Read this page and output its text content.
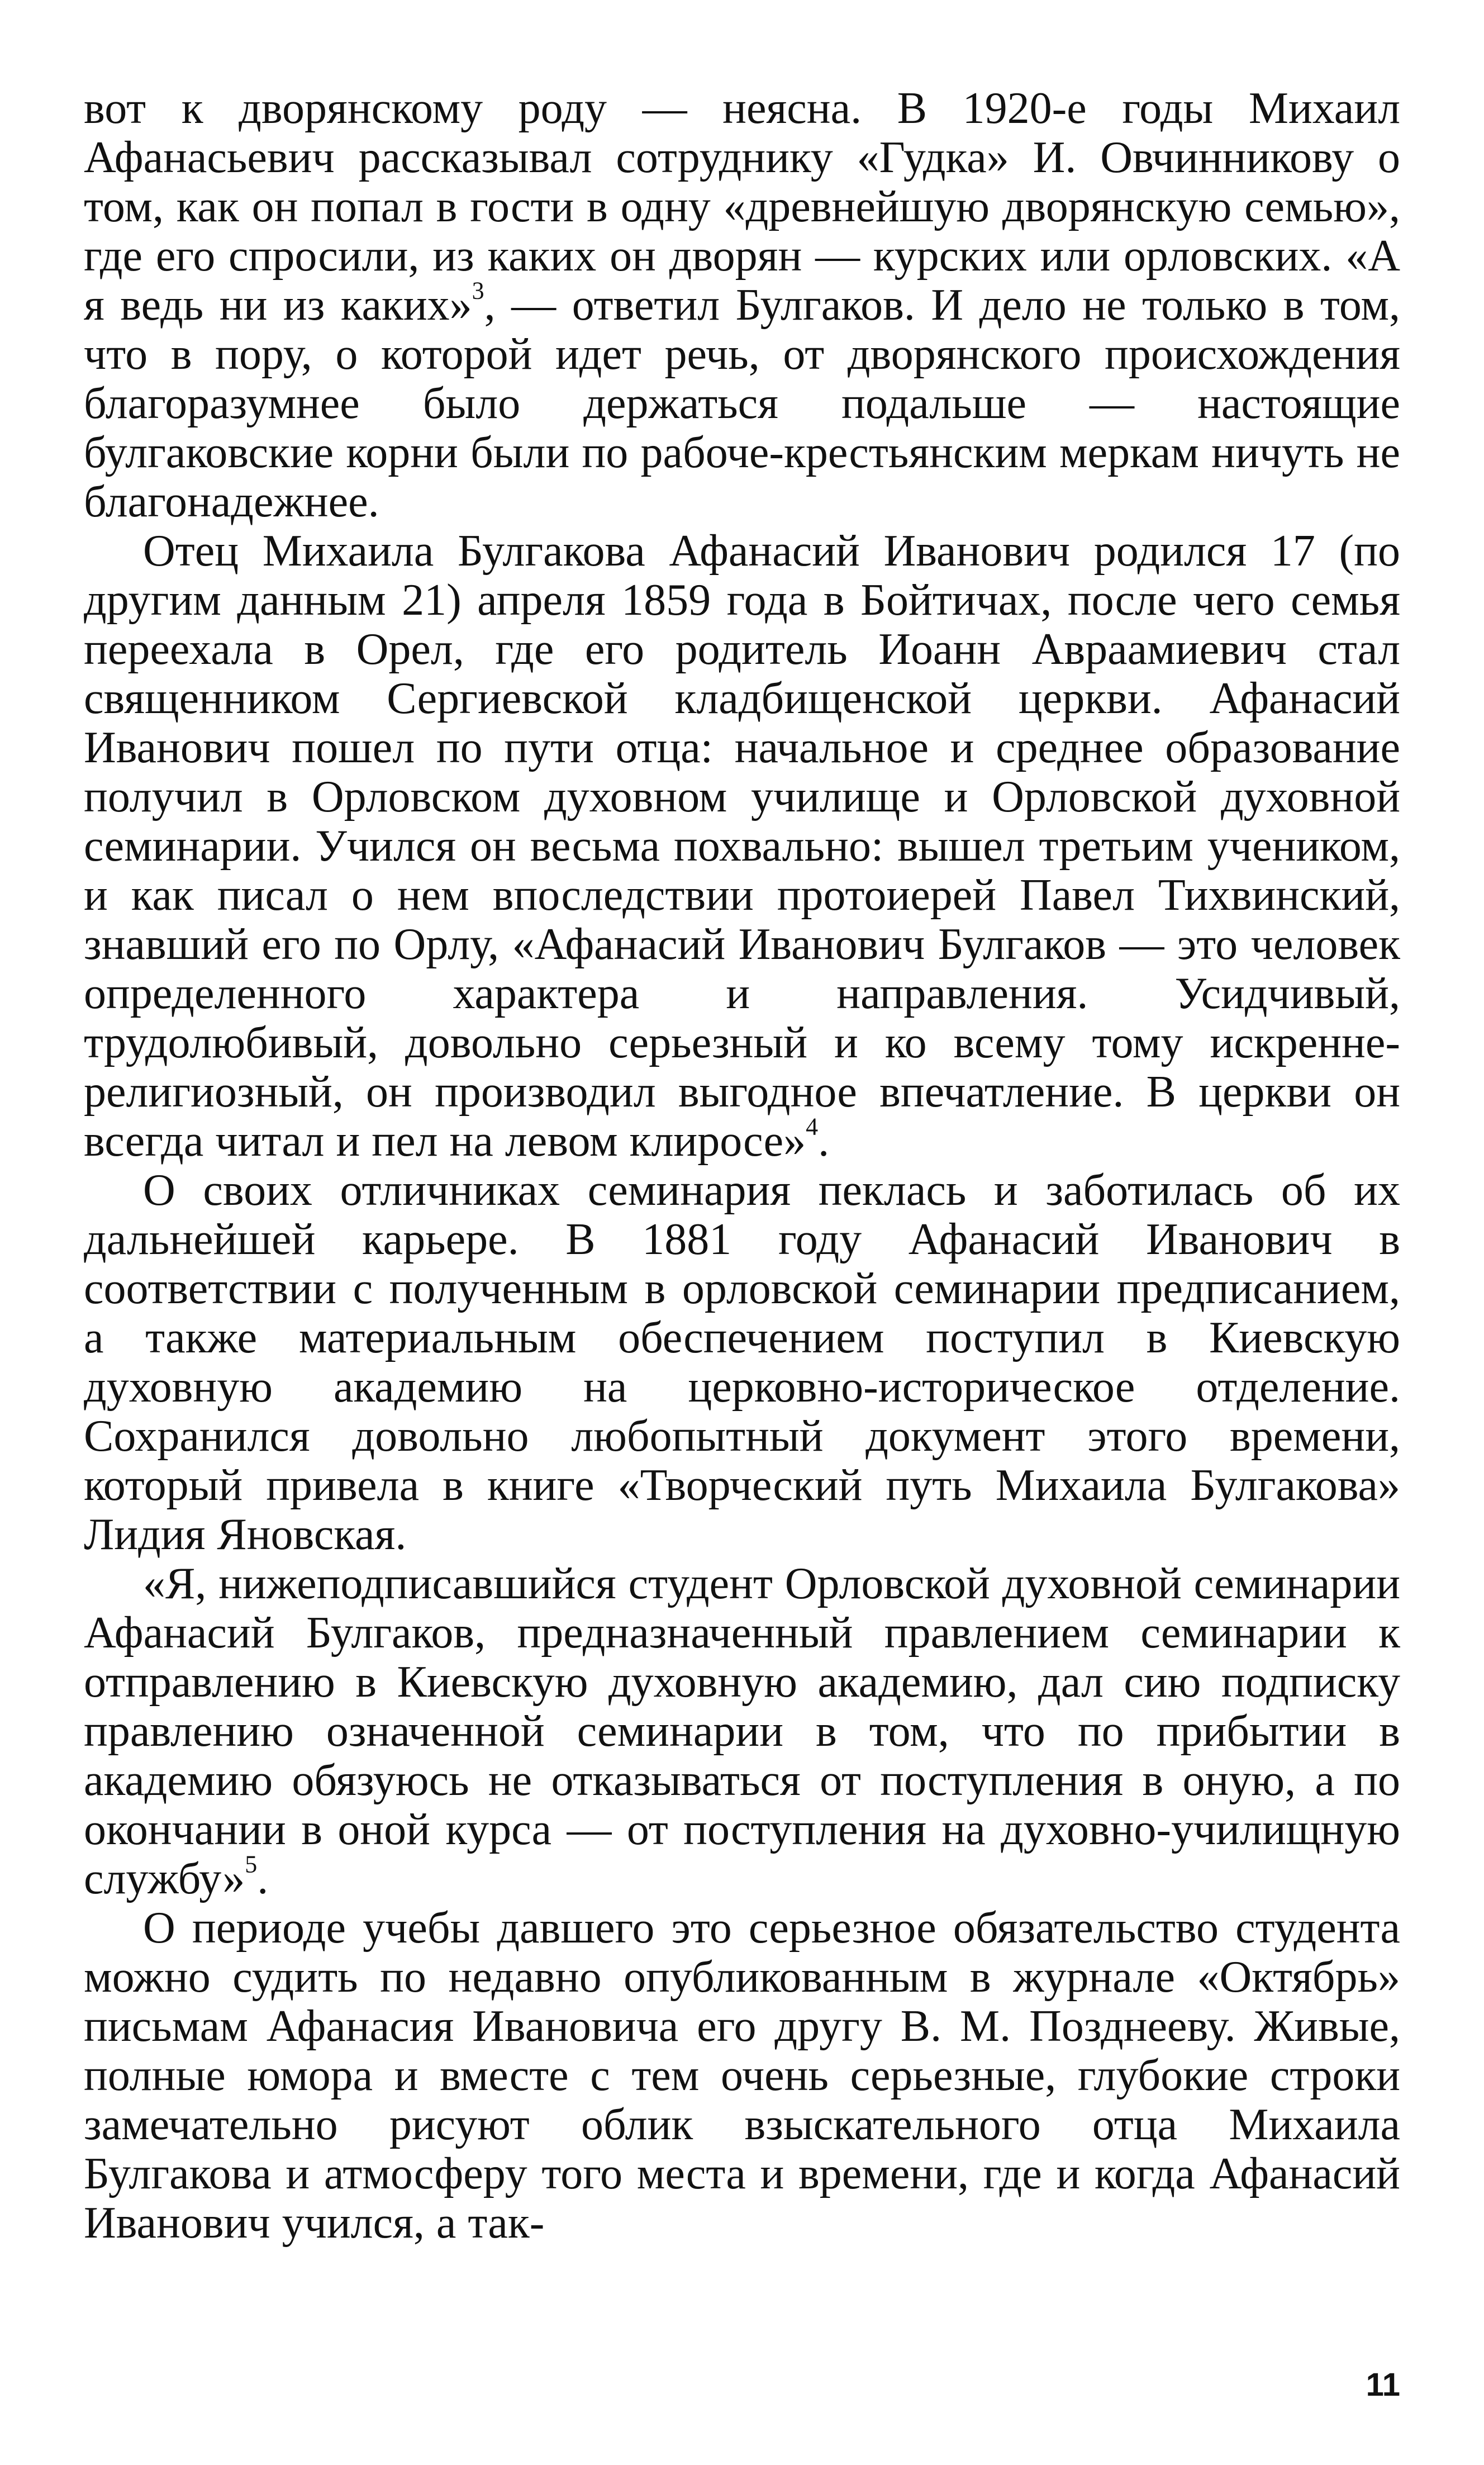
вот к дворянскому роду — неясна. В 1920-е годы Михаил Афанасьевич рассказывал сотруднику «Гудка» И. Овчинникову о том, как он попал в гости в одну «древнейшую дворянскую семью», где его спросили, из каких он дворян — курских или орловских. «А я ведь ни из каких»$^3$, — ответил Булгаков. И дело не только в том, что в пору, о которой идет речь, от дворянского происхождения благоразумнее было держаться подальше — настоящие булгаковские корни были по рабоче-крестьянским меркам ничуть не благонадежнее.

Отец Михаила Булгакова Афанасий Иванович родился 17 (по другим данным 21) апреля 1859 года в Бойтичах, после чего семья переехала в Орел, где его родитель Иоанн Авраамиевич стал священником Сергиевской кладбищенской церкви. Афанасий Иванович пошел по пути отца: начальное и среднее образование получил в Орловском духовном училище и Орловской духовной семинарии. Учился он весьма похвально: вышел третьим учеником, и как писал о нем впоследствии протоиерей Павел Тихвинский, знавший его по Орлу, «Афанасий Иванович Булгаков — это человек определенного характера и направления. Усидчивый, трудолюбивый, довольно серьезный и ко всему тому искренне-религиозный, он производил выгодное впечатление. В церкви он всегда читал и пел на левом клиросе»$^4$.

О своих отличниках семинария пеклась и заботилась об их дальнейшей карьере. В 1881 году Афанасий Иванович в соответствии с полученным в орловской семинарии предписанием, а также материальным обеспечением поступил в Киевскую духовную академию на церковно-историческое отделение. Сохранился довольно любопытный документ этого времени, который привела в книге «Творческий путь Михаила Булгакова» Лидия Яновская.

«Я, нижеподписавшийся студент Орловской духовной семинарии Афанасий Булгаков, предназначенный правлением семинарии к отправлению в Киевскую духовную академию, дал сию подписку правлению означенной семинарии в том, что по прибытии в академию обязуюсь не отказываться от поступления в оную, а по окончании в оной курса — от поступления на духовно-училищную службу»$^5$.

О периоде учебы давшего это серьезное обязательство студента можно судить по недавно опубликованным в журнале «Октябрь» письмам Афанасия Ивановича его другу В. М. Позднееву. Живые, полные юмора и вместе с тем очень серьезные, глубокие строки замечательно рисуют облик взыскательного отца Михаила Булгакова и атмосферу того места и времени, где и когда Афанасий Иванович учился, а так-

11
